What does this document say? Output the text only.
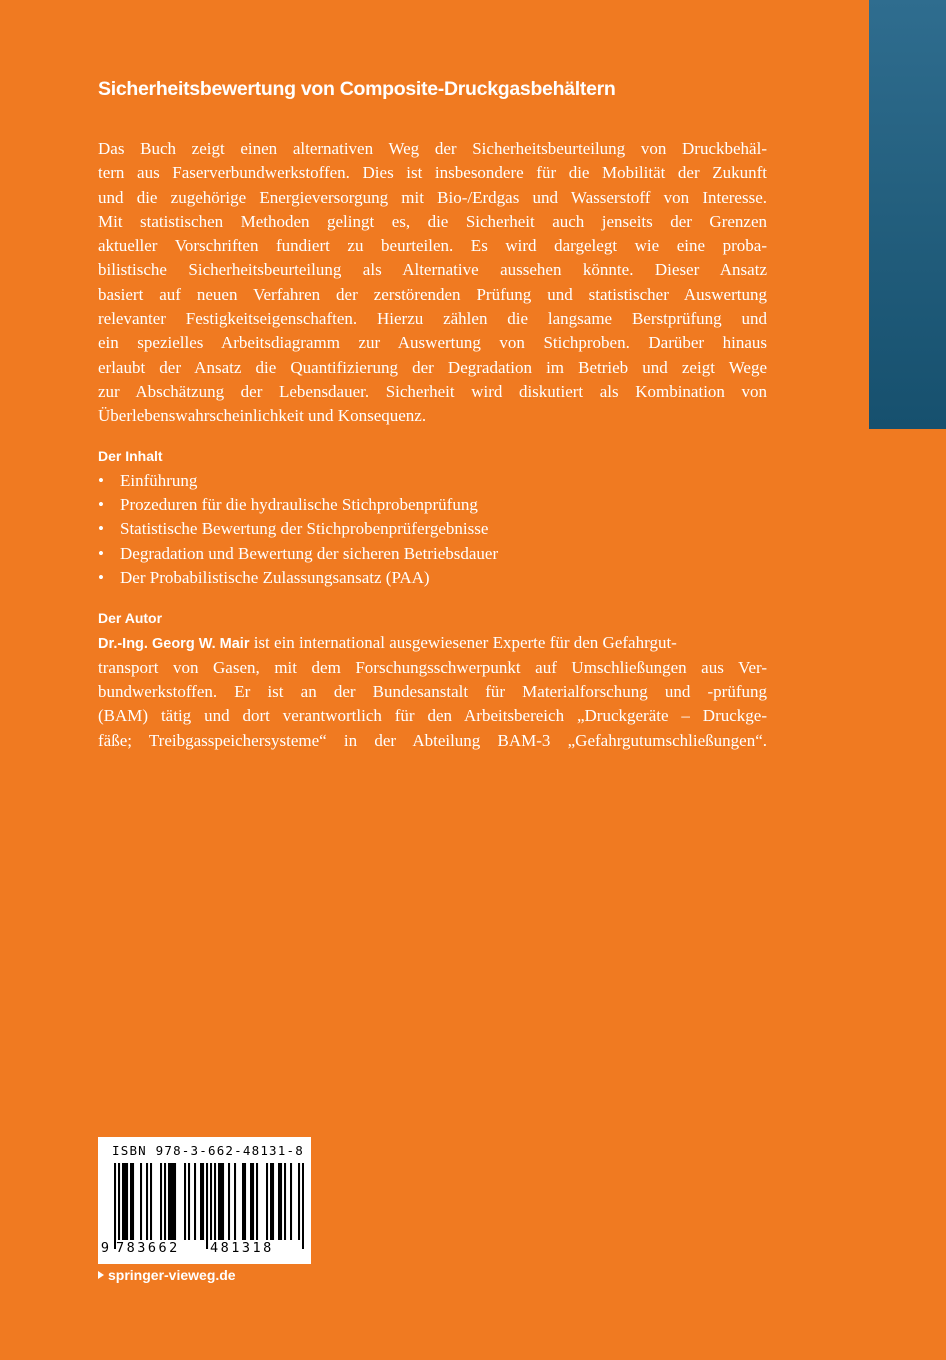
Sicherheitsbewertung von Composite-Druckgasbehältern
Das Buch zeigt einen alternativen Weg der Sicherheitsbeurteilung von Druckbehäl-
tern aus Faserverbundwerkstoffen. Dies ist insbesondere für die Mobilität der Zukunft
und die zugehörige Energieversorgung mit Bio-/Erdgas und Wasserstoff von Interesse.
Mit statistischen Methoden gelingt es, die Sicherheit auch jenseits der Grenzen
aktueller Vorschriften fundiert zu beurteilen. Es wird dargelegt wie eine proba-
bilistische Sicherheitsbeurteilung als Alternative aussehen könnte. Dieser Ansatz
basiert auf neuen Verfahren der zerstörenden Prüfung und statistischer Auswertung
relevanter Festigkeitseigenschaften. Hierzu zählen die langsame Berstprüfung und
ein spezielles Arbeitsdiagramm zur Auswertung von Stichproben. Darüber hinaus
erlaubt der Ansatz die Quantifizierung der Degradation im Betrieb und zeigt Wege
zur Abschätzung der Lebensdauer. Sicherheit wird diskutiert als Kombination von
Überlebenswahrscheinlichkeit und Konsequenz.
Der Inhalt
• Einführung
• Prozeduren für die hydraulische Stichprobenprüfung
• Statistische Bewertung der Stichprobenprüfergebnisse
• Degradation und Bewertung der sicheren Betriebsdauer
• Der Probabilistische Zulassungsansatz (PAA)
Der Autor
Dr.-Ing. Georg W. Mair ist ein international ausgewiesener Experte für den Gefahrgut-
transport von Gasen, mit dem Forschungsschwerpunkt auf Umschließungen aus Ver-
bundwerkstoffen. Er ist an der Bundesanstalt für Materialforschung und -prüfung
(BAM) tätig und dort verantwortlich für den Arbeitsbereich „Druckgeräte – Druckge-
fäße; Treibgasspeichersysteme“ in der Abteilung BAM-3 „Gefahrgutumschließungen“.
ISBN 978-3-662-48131-8
9 783662	481318
springer-vieweg.de
